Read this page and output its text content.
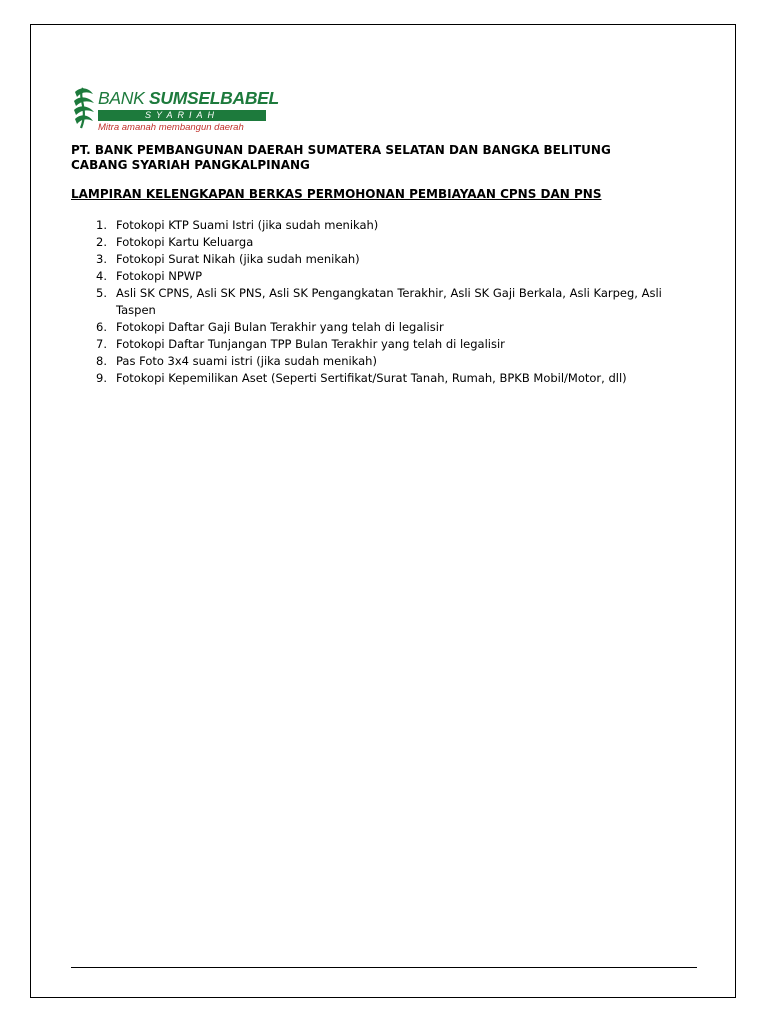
BANK SUMSELBABEL
SYARIAH
Mitra amanah membangun daerah
PT. BANK PEMBANGUNAN DAERAH SUMATERA SELATAN DAN BANGKA BELITUNG
CABANG SYARIAH PANGKALPINANG
LAMPIRAN KELENGKAPAN BERKAS PERMOHONAN PEMBIAYAAN CPNS DAN PNS
1. Fotokopi KTP Suami Istri (jika sudah menikah)
2. Fotokopi Kartu Keluarga
3. Fotokopi Surat Nikah (jika sudah menikah)
4. Fotokopi NPWP
5. Asli SK CPNS, Asli SK PNS, Asli SK Pengangkatan Terakhir, Asli SK Gaji Berkala, Asli Karpeg, Asli Taspen
6. Fotokopi Daftar Gaji Bulan Terakhir yang telah di legalisir
7. Fotokopi Daftar Tunjangan TPP Bulan Terakhir yang telah di legalisir
8. Pas Foto 3x4 suami istri (jika sudah menikah)
9. Fotokopi Kepemilikan Aset (Seperti Sertifikat/Surat Tanah, Rumah, BPKB Mobil/Motor, dll)
